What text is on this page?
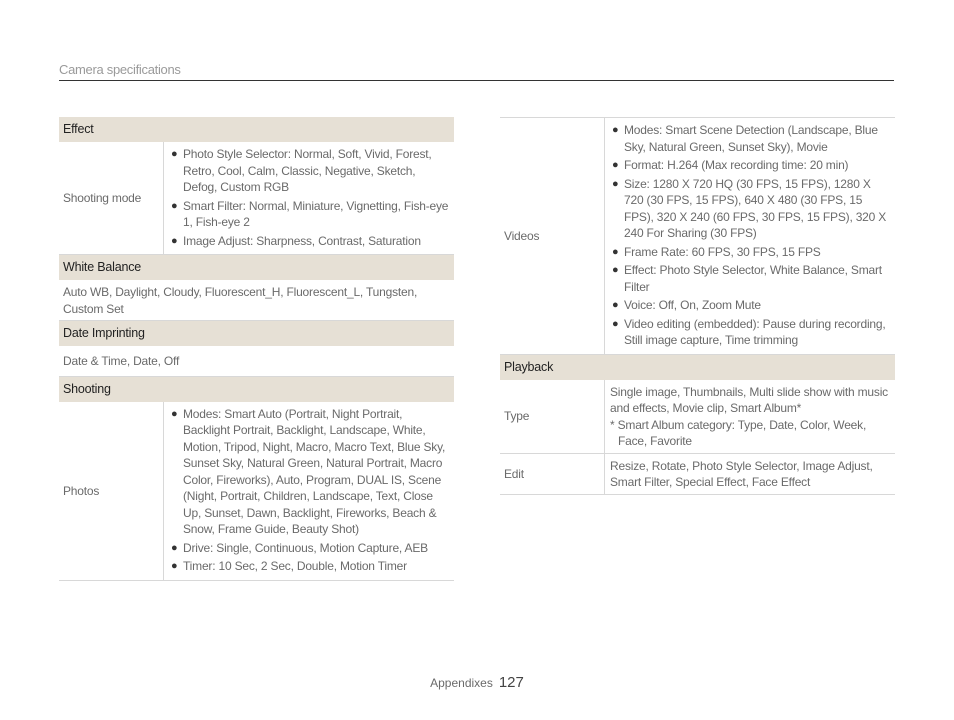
Camera specifications
Effect
Shooting mode
● Photo Style Selector: Normal, Soft, Vivid, Forest, Retro, Cool, Calm, Classic, Negative, Sketch, Defog, Custom RGB
● Smart Filter: Normal, Miniature, Vignetting, Fish-eye 1, Fish-eye 2
● Image Adjust: Sharpness, Contrast, Saturation
White Balance
Auto WB, Daylight, Cloudy, Fluorescent_H, Fluorescent_L, Tungsten, Custom Set
Date Imprinting
Date & Time, Date, Off
Shooting
Photos
● Modes: Smart Auto (Portrait, Night Portrait, Backlight Portrait, Backlight, Landscape, White, Motion, Tripod, Night, Macro, Macro Text, Blue Sky, Sunset Sky, Natural Green, Natural Portrait, Macro Color, Fireworks), Auto, Program, DUAL IS, Scene (Night, Portrait, Children, Landscape, Text, Close Up, Sunset, Dawn, Backlight, Fireworks, Beach & Snow, Frame Guide, Beauty Shot)
● Drive: Single, Continuous, Motion Capture, AEB
● Timer: 10 Sec, 2 Sec, Double, Motion Timer
Videos
● Modes: Smart Scene Detection (Landscape, Blue Sky, Natural Green, Sunset Sky), Movie
● Format: H.264 (Max recording time: 20 min)
● Size: 1280 X 720 HQ (30 FPS, 15 FPS), 1280 X 720 (30 FPS, 15 FPS), 640 X 480 (30 FPS, 15 FPS), 320 X 240 (60 FPS, 30 FPS, 15 FPS), 320 X 240 For Sharing (30 FPS)
● Frame Rate: 60 FPS, 30 FPS, 15 FPS
● Effect: Photo Style Selector, White Balance, Smart Filter
● Voice: Off, On, Zoom Mute
● Video editing (embedded): Pause during recording, Still image capture, Time trimming
Playback
Type
Single image, Thumbnails, Multi slide show with music and effects, Movie clip, Smart Album*
* Smart Album category: Type, Date, Color, Week, Face, Favorite
Edit
Resize, Rotate, Photo Style Selector, Image Adjust, Smart Filter, Special Effect, Face Effect
Appendixes 127
